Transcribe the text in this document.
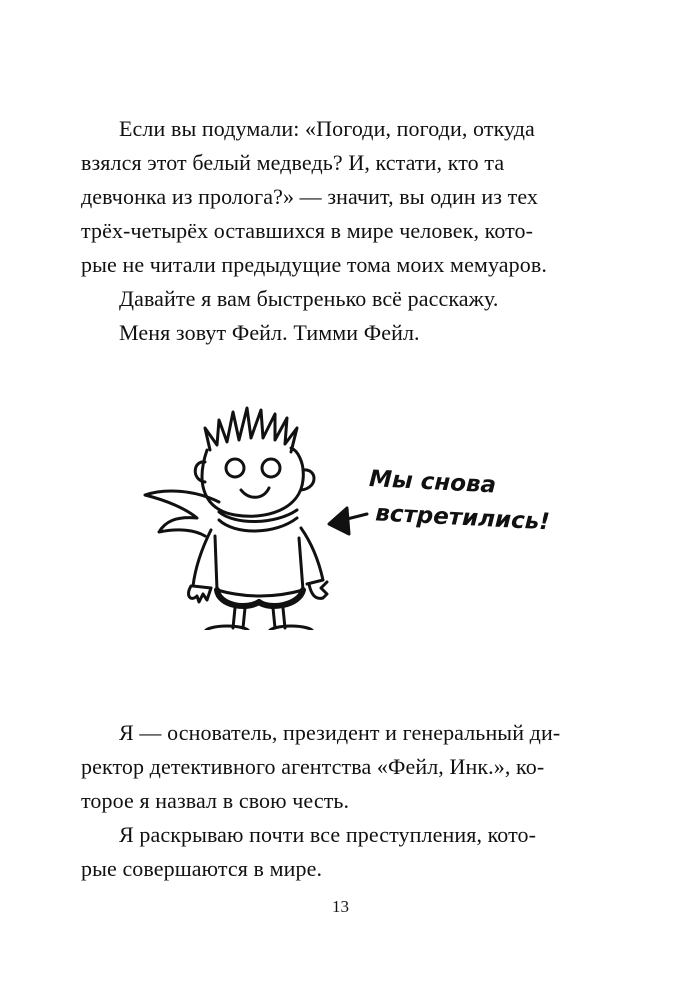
Если вы подумали: «Погоди, погоди, откуда
взялся этот белый медведь? И, кстати, кто та
девчонка из пролога?» — значит, вы один из тех
трёх-четырёх оставшихся в мире человек, кото-
рые не читали предыдущие тома моих мемуаров.

Давайте я вам быстренько всё расскажу.

Меня зовут Фейл. Тимми Фейл.

Мы снова
встретились!

Я — основатель, президент и генеральный ди-
ректор детективного агентства «Фейл, Инк.», ко-
торое я назвал в свою честь.

Я раскрываю почти все преступления, кото-
рые совершаются в мире.

13
